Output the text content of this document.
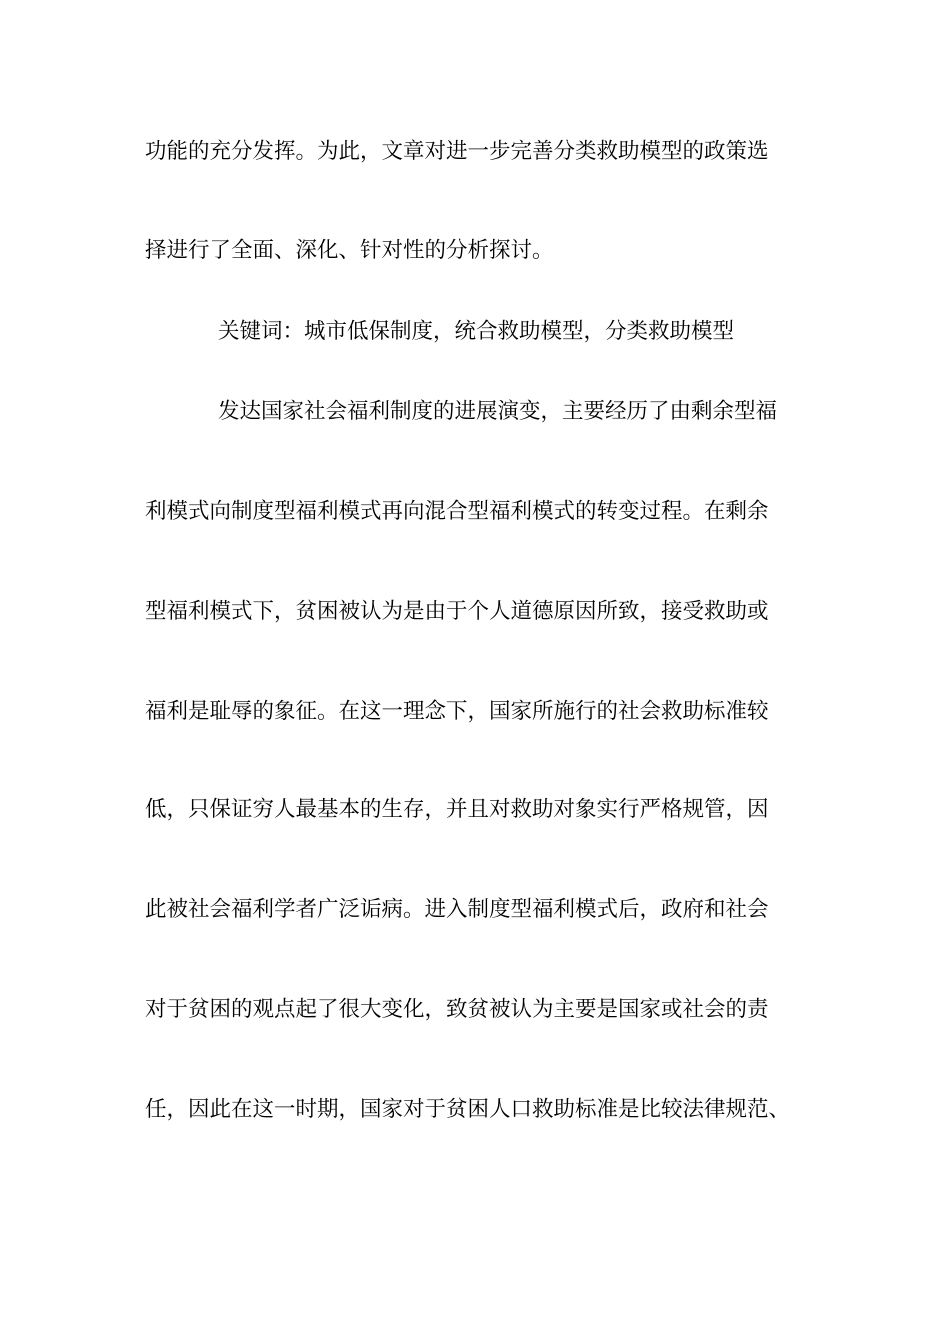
功能的充分发挥。为此，文章对进一步完善分类救助模型的政策选
择进行了全面、深化、针对性的分析探讨。
关键词：城市低保制度，统合救助模型，分类救助模型
发达国家社会福利制度的进展演变，主要经历了由剩余型福
利模式向制度型福利模式再向混合型福利模式的转变过程。在剩余
型福利模式下，贫困被认为是由于个人道德原因所致，接受救助或
福利是耻辱的象征。在这一理念下，国家所施行的社会救助标准较
低，只保证穷人最基本的生存，并且对救助对象实行严格规管，因
此被社会福利学者广泛诟病。进入制度型福利模式后，政府和社会
对于贫困的观点起了很大变化，致贫被认为主要是国家或社会的责
任，因此在这一时期，国家对于贫困人口救助标准是比较法律规范、
